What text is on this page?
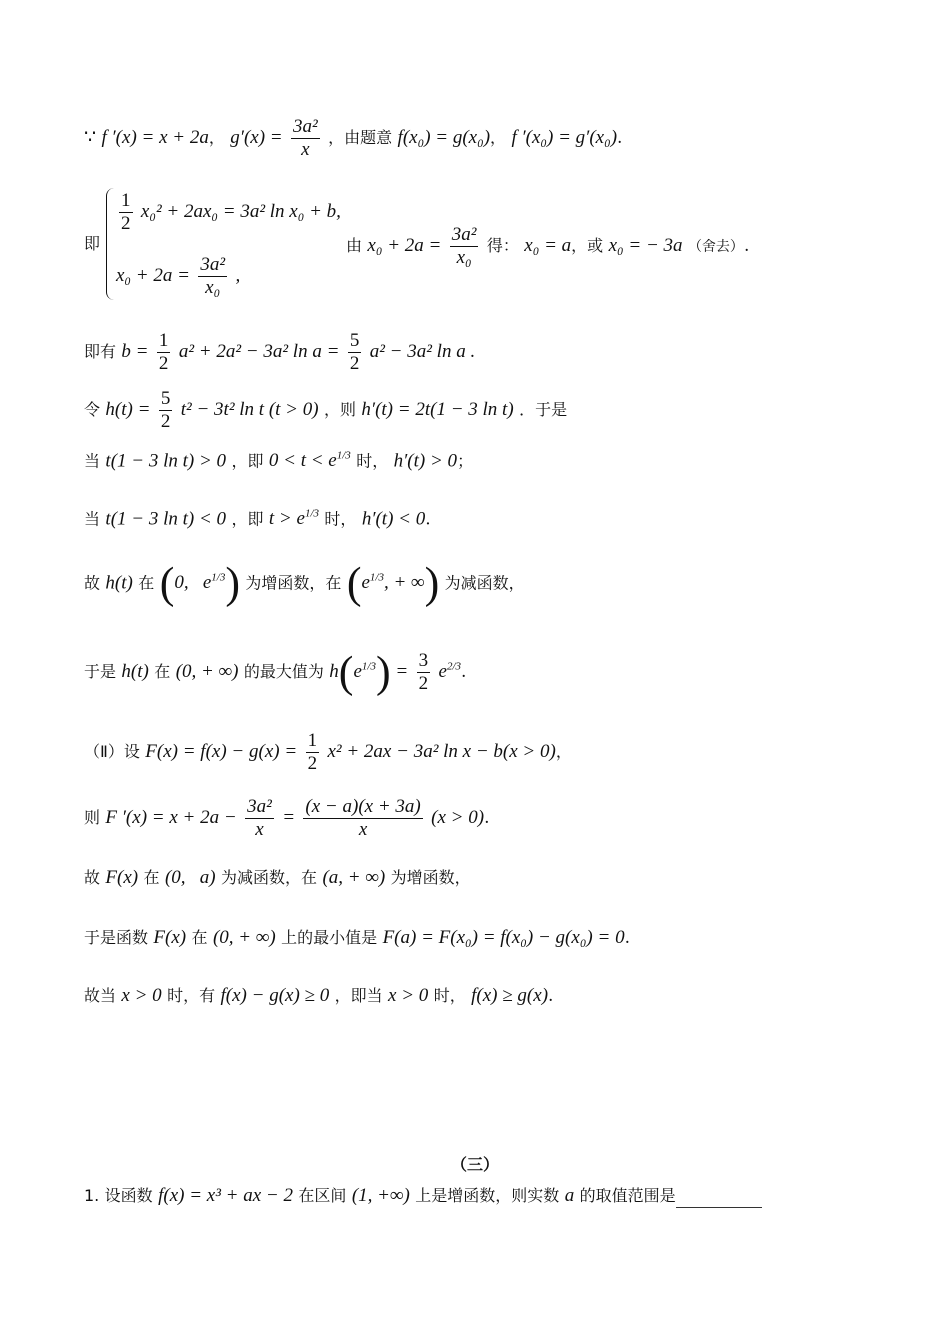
∵ f ′(x) = x + 2a， $g'(x) = \frac{\text{3a²}}{x}$ ，由题意 f(x₀) = g(x₀)， f ′(x₀) = g′(x₀).
即
$\frac{1}{2} x_0^2 + 2ax_0 = 3a^2$ ln x₀ + b,
$x_0 + 2a = \frac{\text{3a²}}{\text{x₀}}$ ,
由 $x_0 + 2a = \frac{\text{3a²}}{\text{x₀}}$ 得： x₀ = a，或 x₀ = − 3a （舍去）.
即有 $b = \frac{1}{2} a^2 + 2a^2 - 3a^2$ $\ln a = \frac{5}{2} a^2 - 3a^2$ ln a .
令 $h(t) = \frac{5}{2} t^2 - 3t^2$ ln t (t > 0) ，则 h′(t) = 2t(1 − 3 ln t) ．于是
当 t(1 − 3 ln t) > 0 ，即 $0 < t < e^{1/3}$ 时， h′(t) > 0；
当 t(1 − 3 ln t) < 0 ，即 $t > e^{1/3}$ 时， h′(t) < 0.
故 h(t) 在 (0,   $e^{1/3}$) 为增函数，在 ($e^{1/3}$, + ∞) 为减函数，
于是 h(t) 在 (0, + ∞) 的最大值为 $h(e^{1/3}) = \frac{3}{2} e^{2/3}$.
（Ⅱ）设 $F(x) = f(x) - g(x) = \frac{1}{2} x^2 + 2ax - 3a^2$ ln x − b(x > 0)，
则 F $'(x) = x + 2a - \frac{\text{3a²}}{x} = \frac{(x - a)(x + 3a)}{x} (x > 0)$.
故 F(x) 在 (0,   a) 为减函数，在 (a, + ∞) 为增函数，
于是函数 F(x) 在 (0, + ∞) 上的最小值是 F(a) = F(x₀) = f(x₀) − g(x₀) = 0.
故当 x > 0 时，有 f(x) − g(x) ≥ 0 ，即当 x > 0 时， f(x) ≥ g(x).
（三）
1. 设函数 f(x) = x³ + ax − 2 在区间 (1, +∞) 上是增函数，则实数 a 的取值范围是
